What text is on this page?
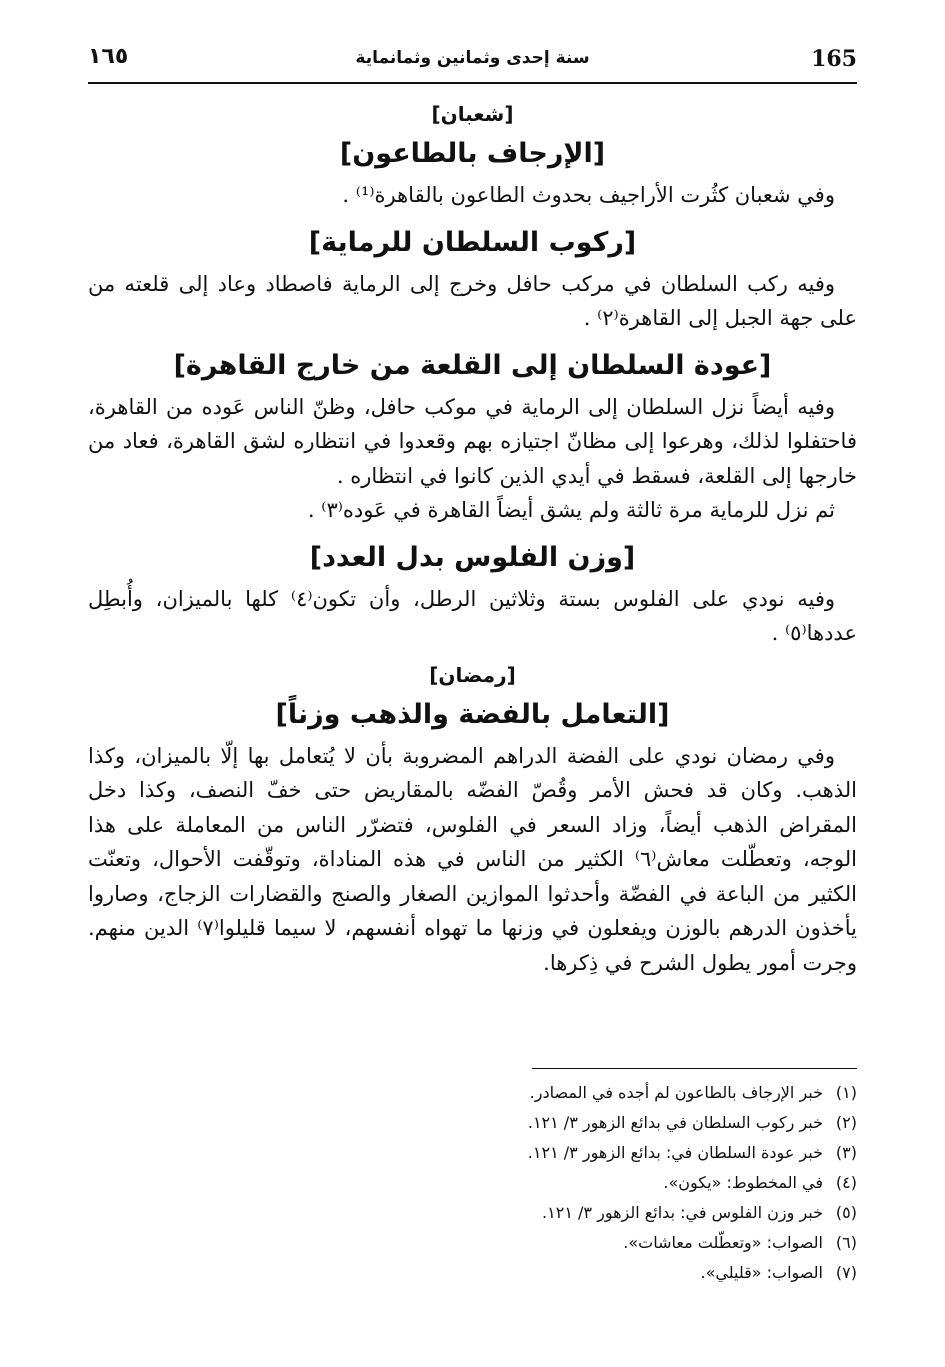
165
سنة إحدى وثمانين وثمانماية
١٦٥
[شعبان]
[الإرجاف بالطاعون]

وفي شعبان كثُرت الأراجيف بحدوث الطاعون بالقاهرة⁽¹⁾ .

[ركوب السلطان للرماية]

وفيه ركب السلطان في مركب حافل وخرج إلى الرماية فاصطاد وعاد إلى قلعته من على جهة الجبل إلى القاهرة⁽٢⁾ .

[عودة السلطان إلى القلعة من خارج القاهرة]

وفيه أيضاً نزل السلطان إلى الرماية في موكب حافل، وظنّ الناس عَوده من القاهرة، فاحتفلوا لذلك، وهرعوا إلى مظانّ اجتيازه بهم وقعدوا في انتظاره لشق القاهرة، فعاد من خارجها إلى القلعة، فسقط في أيدي الذين كانوا في انتظاره .

ثم نزل للرماية مرة ثالثة ولم يشق أيضاً القاهرة في عَوده⁽٣⁾ .

[وزن الفلوس بدل العدد]

وفيه نودي على الفلوس بستة وثلاثين الرطل، وأن تكون⁽٤⁾ كلها بالميزان، وأُبطِل عددها⁽٥⁾ .

[رمضان]
[التعامل بالفضة والذهب وزناً]

وفي رمضان نودي على الفضة الدراهم المضروبة بأن لا يُتعامل بها إلّا بالميزان، وكذا الذهب. وكان قد فحش الأمر وقُصّ الفضّه بالمقاريض حتى خفّ النصف، وكذا دخل المقراض الذهب أيضاً، وزاد السعر في الفلوس، فتضرّر الناس من المعاملة على هذا الوجه، وتعطّلت معاش⁽٦⁾ الكثير من الناس في هذه المناداة، وتوقّفت الأحوال، وتعنّت الكثير من الباعة في الفضّة وأحدثوا الموازين الصغار والصنج والقضارات الزجاج، وصاروا يأخذون الدرهم بالوزن ويفعلون في وزنها ما تهواه أنفسهم، لا سيما قليلوا⁽٧⁾ الدين منهم. وجرت أمور يطول الشرح في ذِكرها.

(١)خبر الإرجاف بالطاعون لم أجده في المصادر.
(٢)خبر ركوب السلطان في بدائع الزهور ٣/ ١٢١.
(٣)خبر عودة السلطان في: بدائع الزهور ٣/ ١٢١.
(٤)في المخطوط: «يكون».
(٥)خبر وزن الفلوس في: بدائع الزهور ٣/ ١٢١.
(٦)الصواب: «وتعطّلت معاشات».
(٧)الصواب: «قليلي».
